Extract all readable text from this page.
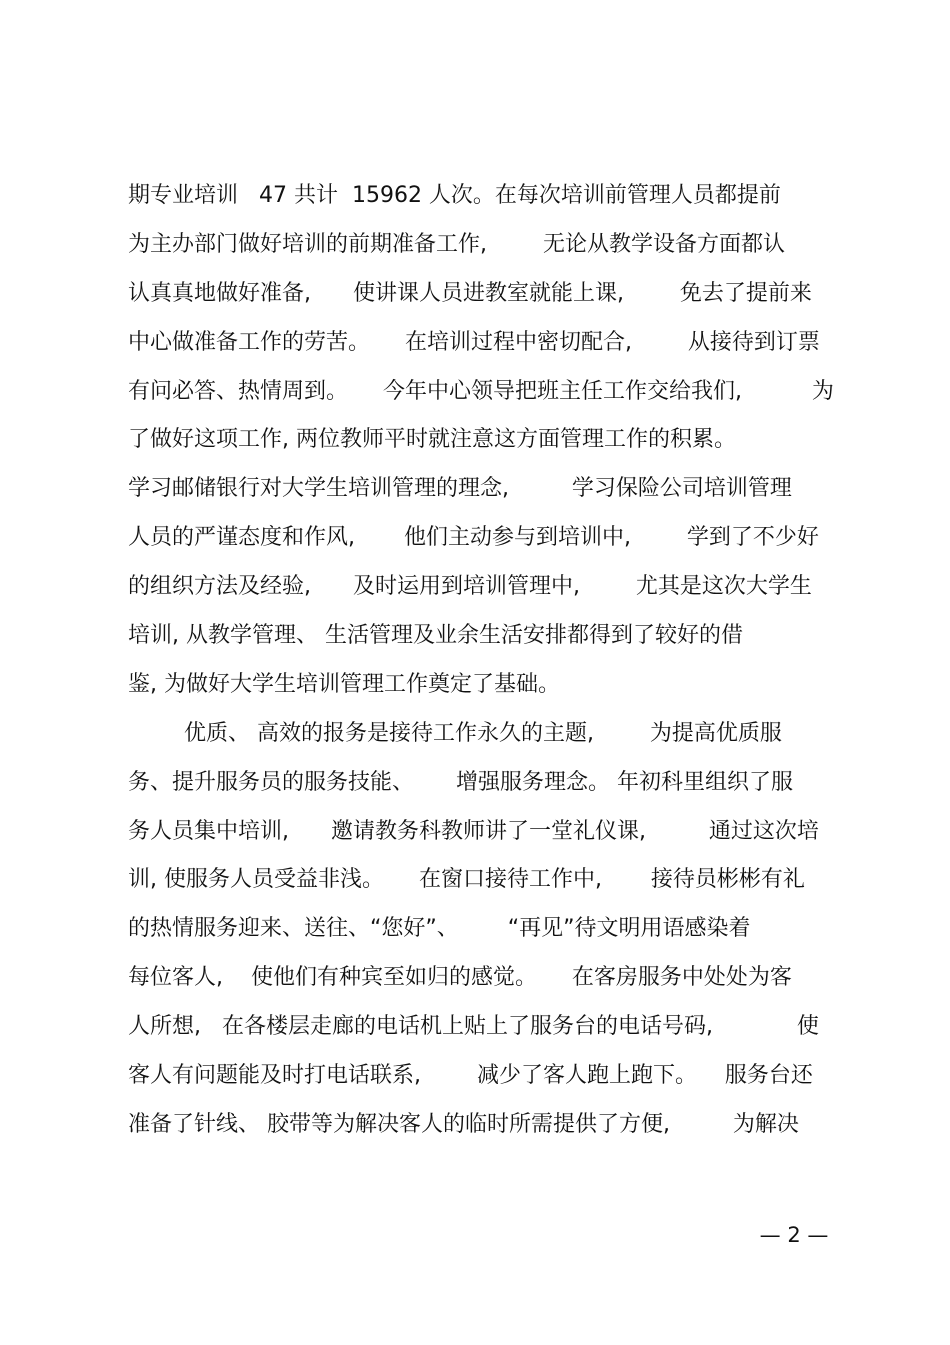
期专业培训   47 共计  15962 人次。在每次培训前管理人员都提前
为主办部门做好培训的前期准备工作,        无论从教学设备方面都认
认真真地做好准备,      使讲课人员进教室就能上课,        免去了提前来
中心做准备工作的劳苦。     在培训过程中密切配合,        从接待到订票
有问必答、热情周到。     今年中心领导把班主任工作交给我们,          为
了做好这项工作, 两位教师平时就注意这方面管理工作的积累。
学习邮储银行对大学生培训管理的理念,         学习保险公司培训管理
人员的严谨态度和作风,       他们主动参与到培训中,        学到了不少好
的组织方法及经验,      及时运用到培训管理中,        尤其是这次大学生
培训, 从教学管理、 生活管理及业余生活安排都得到了较好的借
鉴, 为做好大学生培训管理工作奠定了基础。
优质、 高效的报务是接待工作永久的主题,        为提高优质服
务、提升服务员的服务技能、      增强服务理念。 年初科里组织了服
务人员集中培训,      邀请教务科教师讲了一堂礼仪课,         通过这次培
训, 使服务人员受益非浅。     在窗口接待工作中,       接待员彬彬有礼
的热情服务迎来、送往、“您好”、       “再见”待文明用语感染着
每位客人,    使他们有种宾至如归的感觉。     在客房服务中处处为客
人所想,   在各楼层走廊的电话机上贴上了服务台的电话号码,            使
客人有问题能及时打电话联系,        减少了客人跑上跑下。    服务台还
准备了针线、 胶带等为解决客人的临时所需提供了方便,         为解决
— 2 —
